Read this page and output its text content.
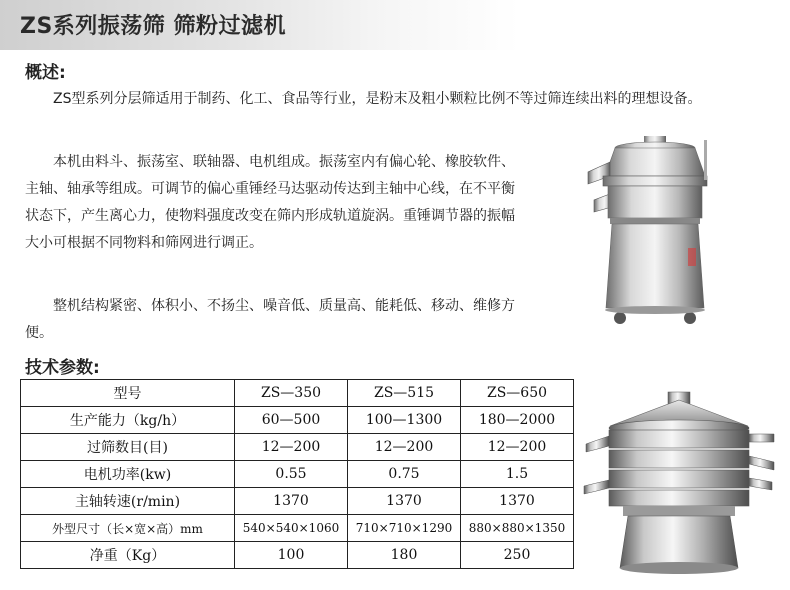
ZS系列振荡筛 筛粉过滤机
概述:
ZS型系列分层筛适用于制药、化工、食品等行业，是粉末及粗小颗粒比例不等过筛连续出料的理想设备。
本机由料斗、振荡室、联轴器、电机组成。振荡室内有偏心轮、橡胶软件、主轴、轴承等组成。可调节的偏心重锤经马达驱动传达到主轴中心线，在不平衡状态下，产生离心力，使物料强度改变在筛内形成轨道旋涡。重锤调节器的振幅大小可根据不同物料和筛网进行调正。
整机结构紧密、体积小、不扬尘、噪音低、质量高、能耗低、移动、维修方便。
技术参数:
型号	ZS—350	ZS—515	ZS—650
生产能力（kg/h）	60—500	100—1300	180—2000
过筛数目(目)	12—200	12—200	12—200
电机功率(kw)	0.55	0.75	1.5
主轴转速(r/min)	1370	1370	1370
外型尺寸（长×宽×高）mm	540×540×1060	710×710×1290	880×880×1350
净重（Kg）	100	180	250
